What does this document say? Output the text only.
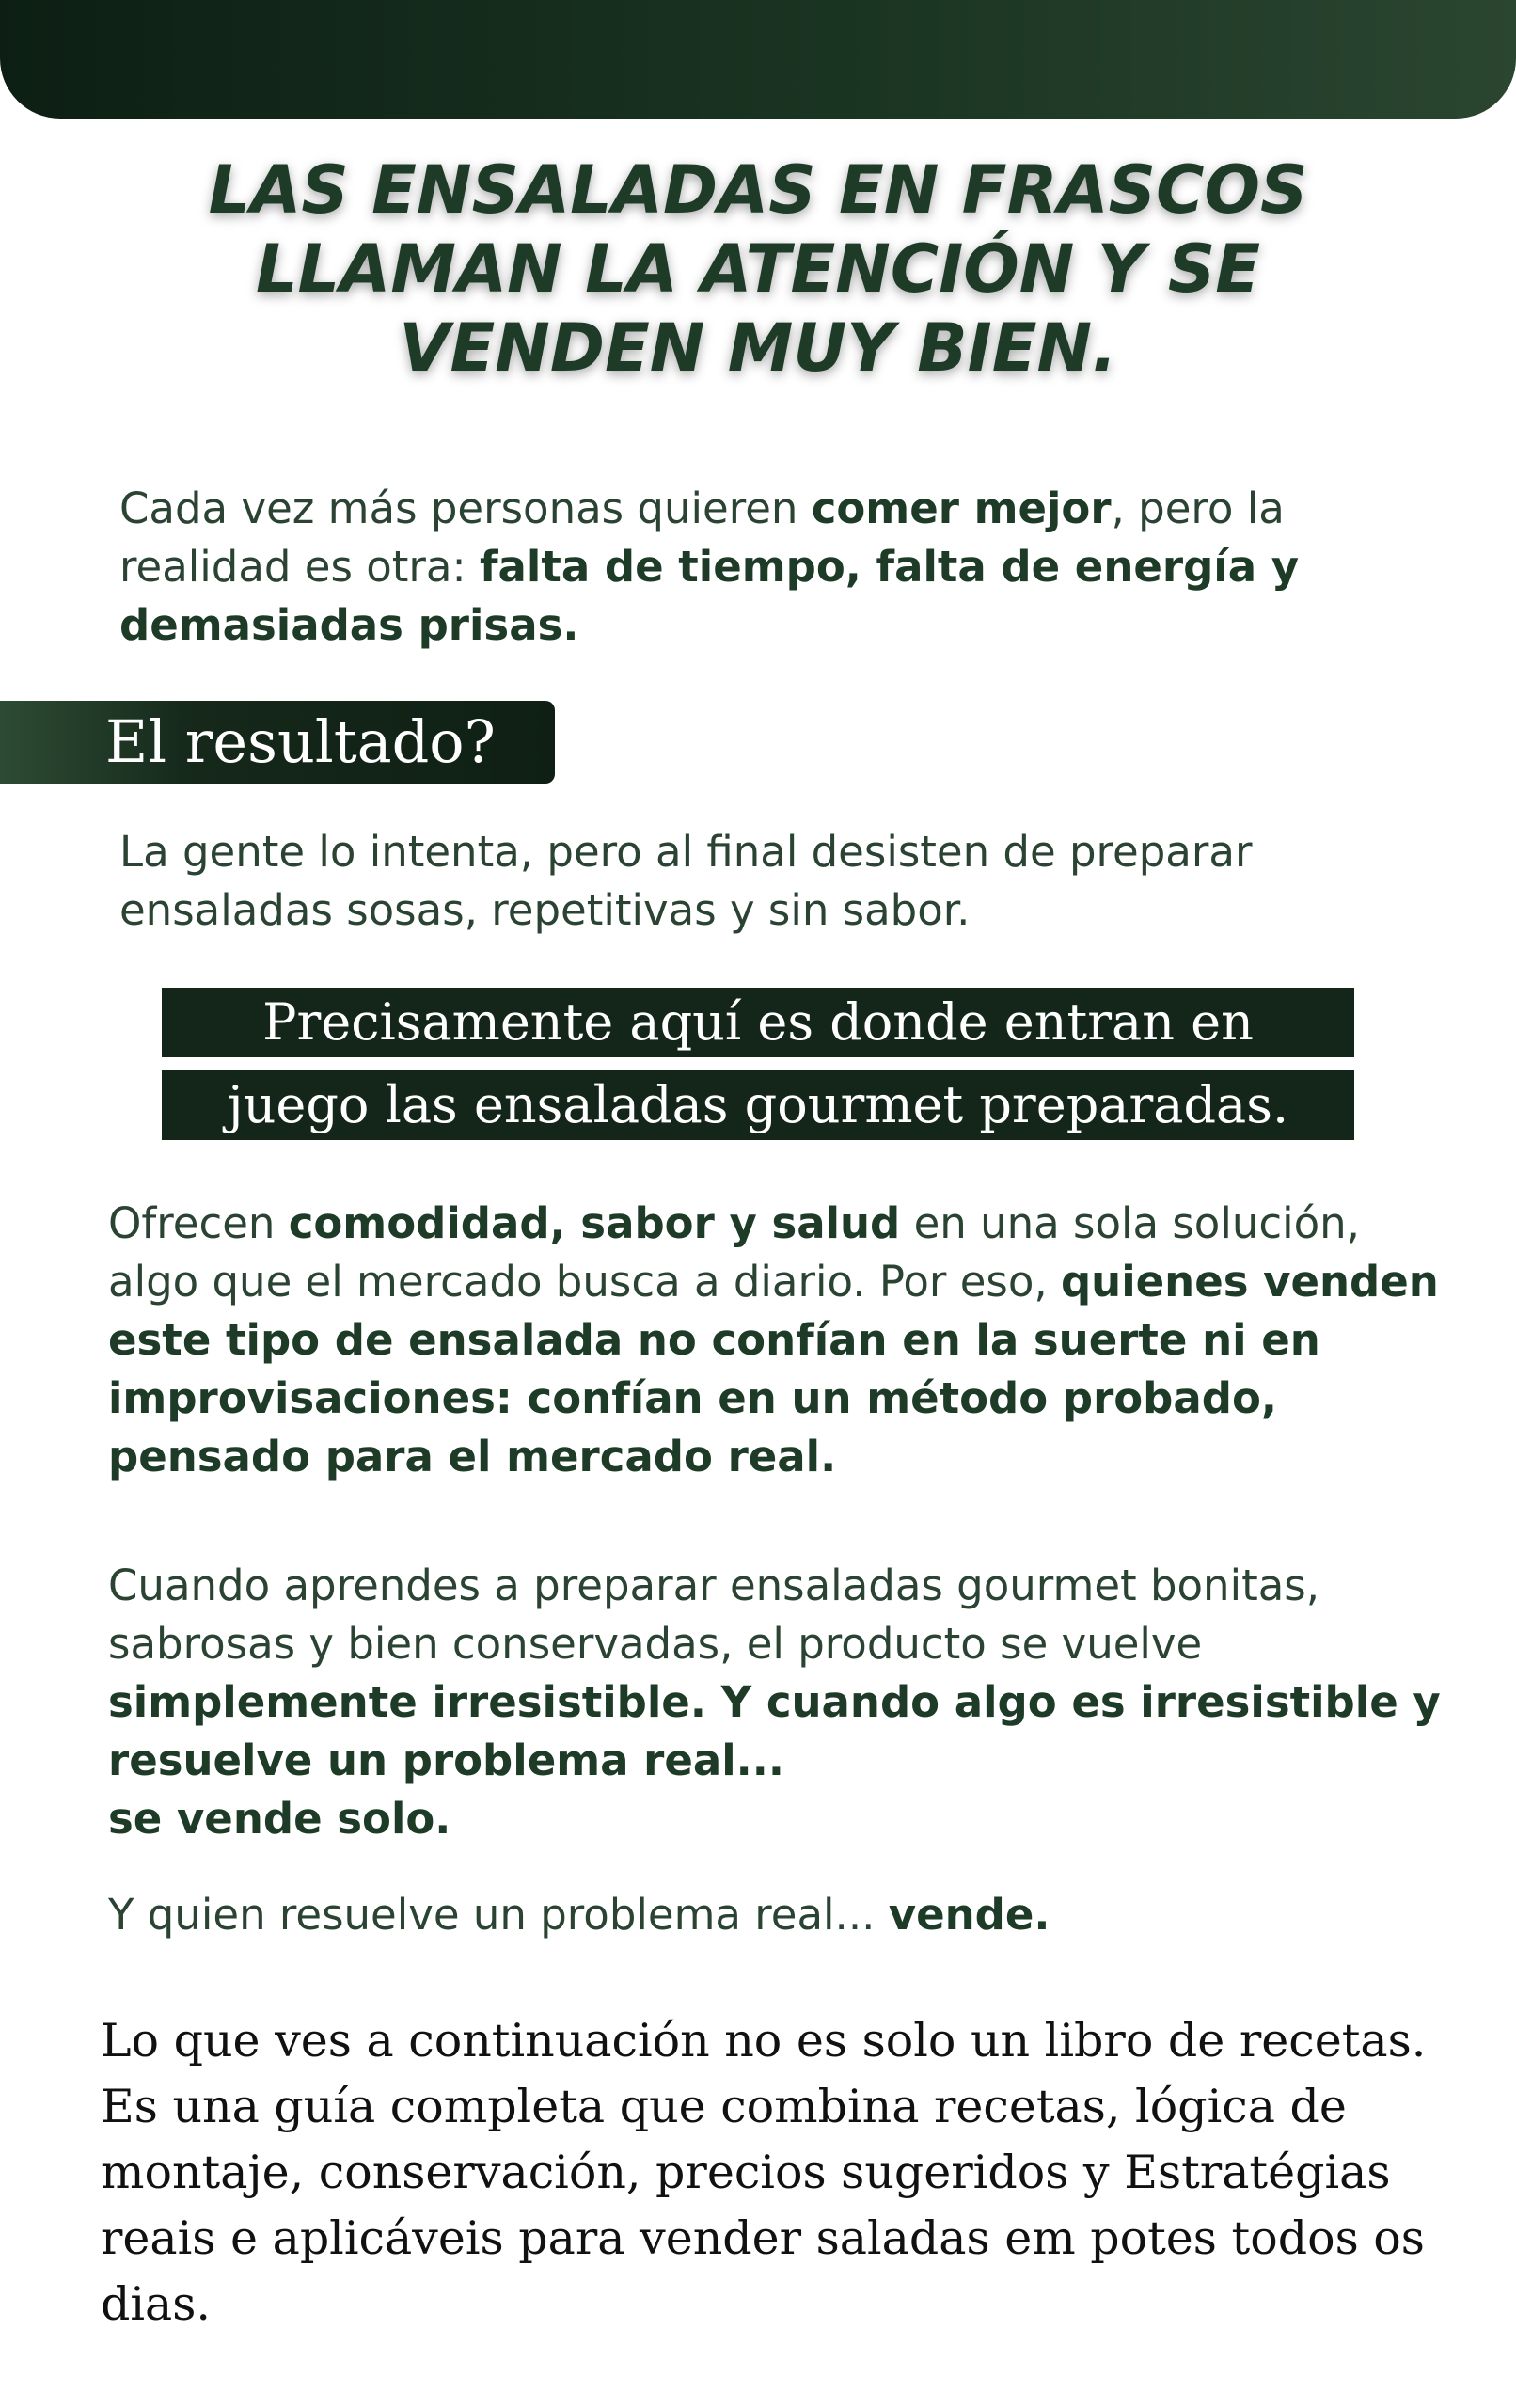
LAS ENSALADAS EN FRASCOS
LLAMAN LA ATENCIÓN Y SE
VENDEN MUY BIEN.

Cada vez más personas quieren comer mejor, pero la realidad es otra: falta de tiempo, falta de energía y demasiadas prisas.

El resultado?

La gente lo intenta, pero al final desisten de preparar ensaladas sosas, repetitivas y sin sabor.

Precisamente aquí es donde entran en

juego las ensaladas gourmet preparadas.

Ofrecen comodidad, sabor y salud en una sola solución, algo que el mercado busca a diario. Por eso, quienes venden este tipo de ensalada no confían en la suerte ni en improvisaciones: confían en un método probado, pensado para el mercado real.

Cuando aprendes a preparar ensaladas gourmet bonitas, sabrosas y bien conservadas, el producto se vuelve simplemente irresistible. Y cuando algo es irresistible y resuelve un problema real...
se vende solo.

Y quien resuelve un problema real... vende.

Lo que ves a continuación no es solo un libro de recetas. Es una guía completa que combina recetas, lógica de montaje, conservación, precios sugeridos y Estratégias reais e aplicáveis para vender saladas em potes todos os dias.
